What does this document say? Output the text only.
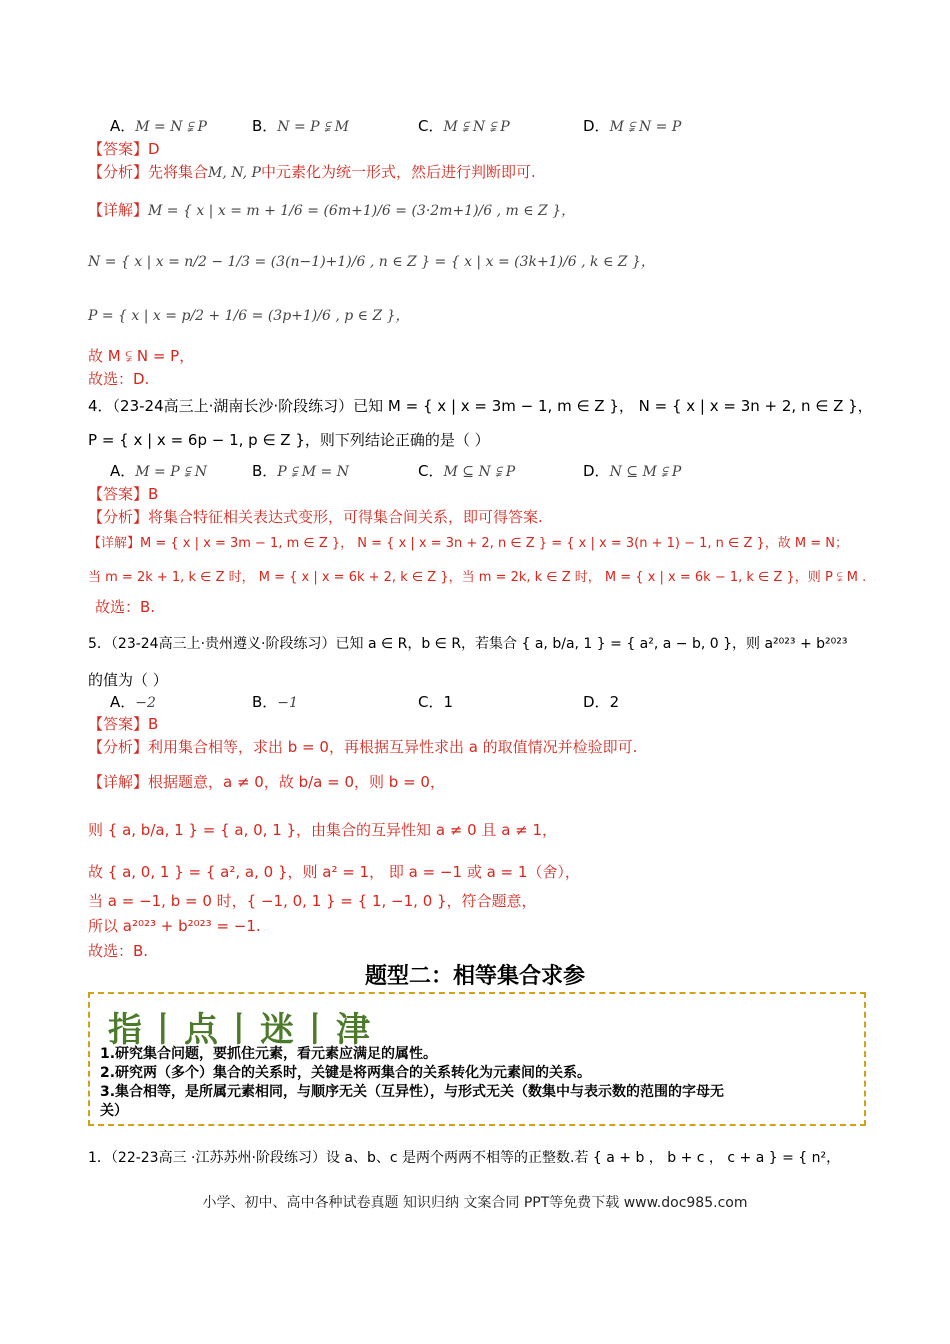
A．M = N ⫋ P	B．N = P ⫋ M	C．M ⫋ N ⫋ P	D．M ⫋ N = P
【答案】D
【分析】先将集合M, N, P中元素化为统一形式，然后进行判断即可.
【详解】M = { x | x = m + 1/6 = (6m+1)/6 = (3·2m+1)/6 , m ∈ Z }，
N = { x | x = n/2 − 1/3 = (3(n−1)+1)/6 , n ∈ Z } = { x | x = (3k+1)/6 , k ∈ Z }，
P = { x | x = p/2 + 1/6 = (3p+1)/6 , p ∈ Z }，
故 M ⫋ N = P，
故选：D.
4．（23-24高三上·湖南长沙·阶段练习）已知 M = { x | x = 3m − 1, m ∈ Z }， N = { x | x = 3n + 2, n ∈ Z }，
P = { x | x = 6p − 1, p ∈ Z }，则下列结论正确的是（ ）
A．M = P ⫋ N	B．P ⫋ M = N	C．M ⊆ N ⫋ P	D．N ⊆ M ⫋ P
【答案】B
【分析】将集合特征相关表达式变形，可得集合间关系，即可得答案.
【详解】M = { x | x = 3m − 1, m ∈ Z }， N = { x | x = 3n + 2, n ∈ Z } = { x | x = 3(n + 1) − 1, n ∈ Z }，故 M = N；
当 m = 2k + 1, k ∈ Z 时， M = { x | x = 6k + 2, k ∈ Z }，当 m = 2k, k ∈ Z 时， M = { x | x = 6k − 1, k ∈ Z }，则 P ⫋ M .
故选：B.
5．（23-24高三上·贵州遵义·阶段练习）已知 a ∈ R，b ∈ R，若集合 { a, b/a, 1 } = { a², a − b, 0 }，则 a²⁰²³ + b²⁰²³
的值为（ ）
A．−2	B．−1	C．1	D．2
【答案】B
【分析】利用集合相等，求出 b = 0，再根据互异性求出 a 的取值情况并检验即可.
【详解】根据题意，a ≠ 0，故 b/a = 0，则 b = 0，
则 { a, b/a, 1 } = { a, 0, 1 }，由集合的互异性知 a ≠ 0 且 a ≠ 1，
故 { a, 0, 1 } = { a², a, 0 }，则 a² = 1， 即 a = −1 或 a = 1（舍），
当 a = −1, b = 0 时，{ −1, 0, 1 } = { 1, −1, 0 }，符合题意，
所以 a²⁰²³ + b²⁰²³ = −1.
故选：B.
题型二：相等集合求参
指丨点丨迷丨津
1.研究集合问题，要抓住元素，看元素应满足的属性。
2.研究两（多个）集合的关系时，关键是将两集合的关系转化为元素间的关系。
3.集合相等，是所属元素相同，与顺序无关（互异性），与形式无关（数集中与表示数的范围的字母无
关）
1．（22-23高三 ·江苏苏州·阶段练习）设 a、b、c 是两个两两不相等的正整数.若 { a + b ， b + c ， c + a } = { n²，
小学、初中、高中各种试卷真题 知识归纳 文案合同 PPT等免费下载 www.doc985.com
